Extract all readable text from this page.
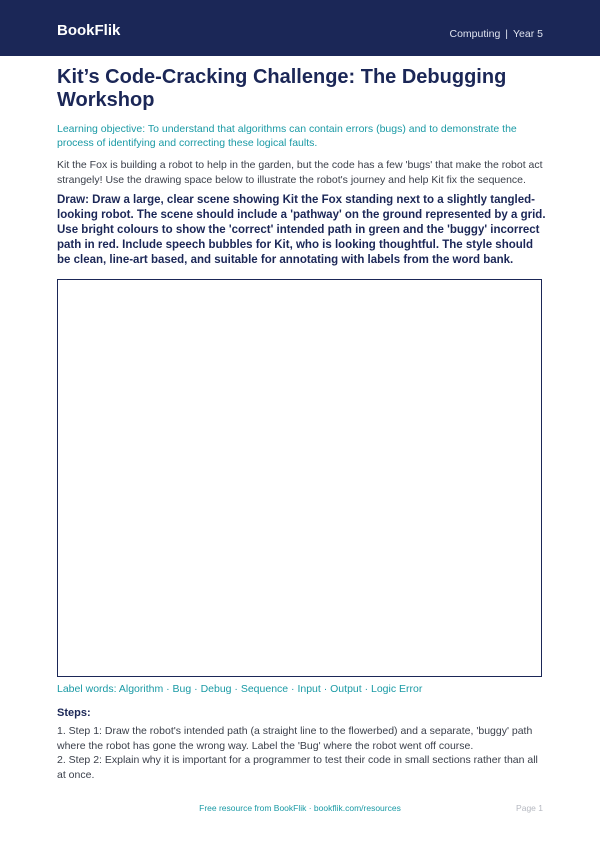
BookFlik	Computing | Year 5
Kit’s Code-Cracking Challenge: The Debugging Workshop
Learning objective: To understand that algorithms can contain errors (bugs) and to demonstrate the process of identifying and correcting these logical faults.
Kit the Fox is building a robot to help in the garden, but the code has a few 'bugs' that make the robot act strangely! Use the drawing space below to illustrate the robot's journey and help Kit fix the sequence.
Draw: Draw a large, clear scene showing Kit the Fox standing next to a slightly tangled-looking robot. The scene should include a 'pathway' on the ground represented by a grid. Use bright colours to show the 'correct' intended path in green and the 'buggy' incorrect path in red. Include speech bubbles for Kit, who is looking thoughtful. The style should be clean, line-art based, and suitable for annotating with labels from the word bank.
Label words: Algorithm · Bug · Debug · Sequence · Input · Output · Logic Error
Steps:
1. Step 1: Draw the robot's intended path (a straight line to the flowerbed) and a separate, 'buggy' path where the robot has gone the wrong way. Label the 'Bug' where the robot went off course.
2. Step 2: Explain why it is important for a programmer to test their code in small sections rather than all at once.
Free resource from BookFlik · bookflik.com/resources	Page 1
